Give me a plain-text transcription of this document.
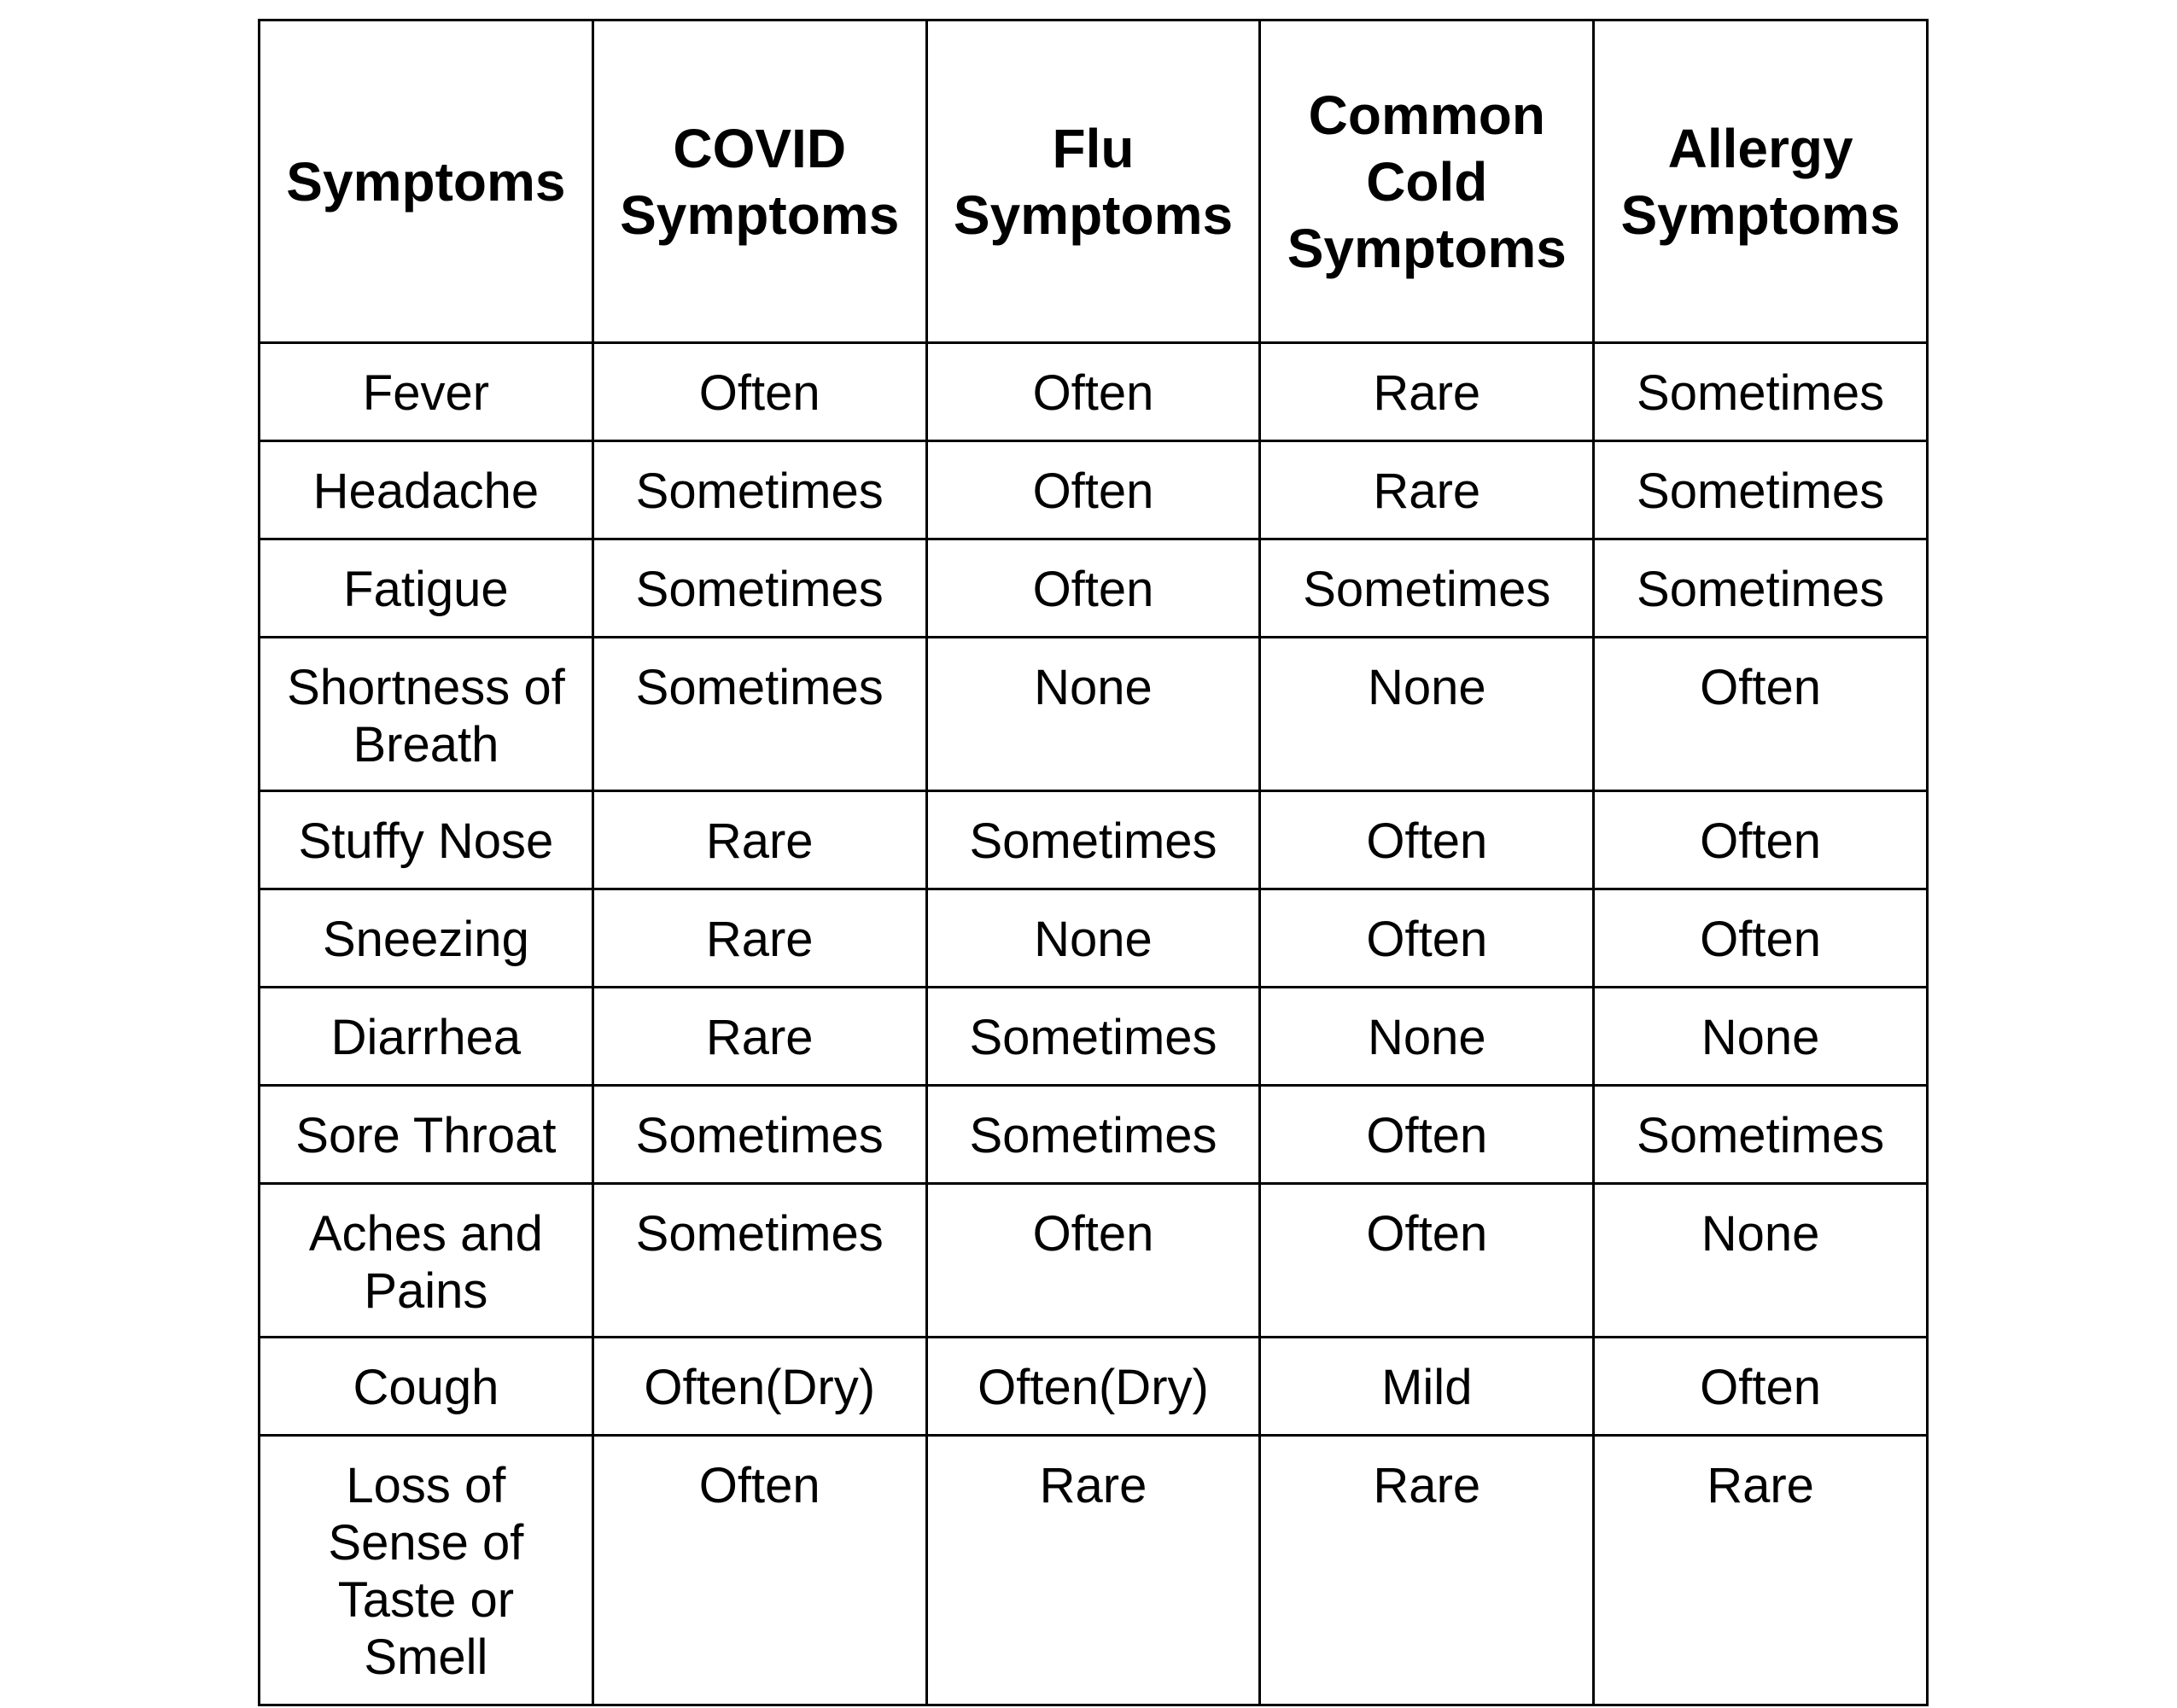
Symptoms	COVID Symptoms	Flu Symptoms	Common Cold Symptoms	Allergy Symptoms
Fever	Often	Often	Rare	Sometimes
Headache	Sometimes	Often	Rare	Sometimes
Fatigue	Sometimes	Often	Sometimes	Sometimes
Shortness of Breath	Sometimes	None	None	Often
Stuffy Nose	Rare	Sometimes	Often	Often
Sneezing	Rare	None	Often	Often
Diarrhea	Rare	Sometimes	None	None
Sore Throat	Sometimes	Sometimes	Often	Sometimes
Aches and Pains	Sometimes	Often	Often	None
Cough	Often(Dry)	Often(Dry)	Mild	Often
Loss of Sense of Taste or Smell	Often	Rare	Rare	Rare
